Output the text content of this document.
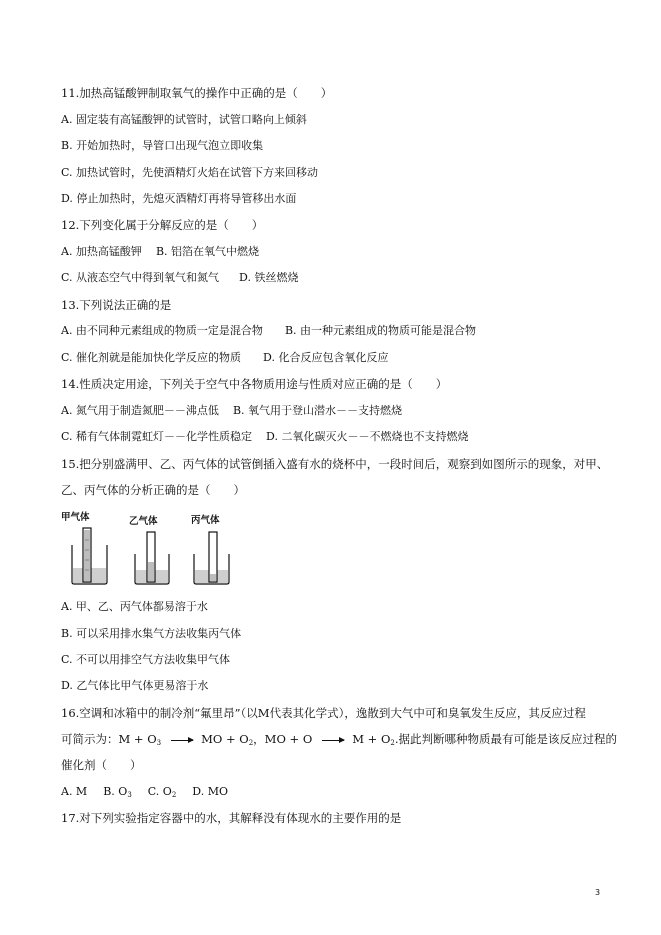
11.加热高锰酸钾制取氧气的操作中正确的是（　　）
A. 固定装有高锰酸钾的试管时，试管口略向上倾斜
B. 开始加热时，导管口出现气泡立即收集
C. 加热试管时，先使酒精灯火焰在试管下方来回移动
D. 停止加热时，先熄灭酒精灯再将导管移出水面
12.下列变化属于分解反应的是（　　）
A. 加热高锰酸钾 B. 铝箔在氧气中燃烧
C. 从液态空气中得到氧气和氮气 D. 铁丝燃烧
13.下列说法正确的是
A. 由不同种元素组成的物质一定是混合物 B. 由一种元素组成的物质可能是混合物
C. 催化剂就是能加快化学反应的物质 D. 化合反应包含氧化反应
14.性质决定用途，下列关于空气中各物质用途与性质对应正确的是（　　）
A. 氮气用于制造氮肥－－沸点低 B. 氧气用于登山潜水－－支持燃烧
C. 稀有气体制霓虹灯－－化学性质稳定 D. 二氧化碳灭火－－不燃烧也不支持燃烧
15.把分别盛满甲、乙、丙气体的试管倒插入盛有水的烧杯中，一段时间后，观察到如图所示的现象，对甲、
乙、丙气体的分析正确的是（　　）
甲气体	乙气体	丙气体
A. 甲、乙、丙气体都易溶于水
B. 可以采用排水集气方法收集丙气体
C. 不可以用排空气方法收集甲气体
D. 乙气体比甲气体更易溶于水
16.空调和冰箱中的制冷剂“氟里昂”（以M代表其化学式），逸散到大气中可和臭氧发生反应，其反应过程
可简示为：$M + O_3$ → MO + $O_2$，MO + $O \to M + O_2$.据此判断哪种物质最有可能是该反应过程的
催化剂（　　）
A. M B. $O_3$ C. $O_2$ D. MO
17.对下列实验指定容器中的水，其解释没有体现水的主要作用的是
3
